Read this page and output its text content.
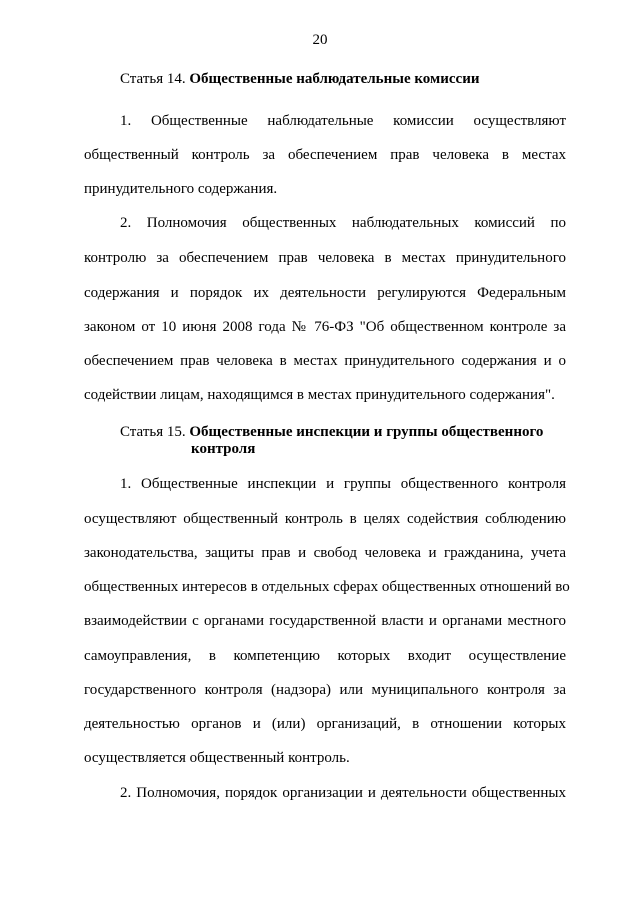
20
Статья 14. Общественные наблюдательные комиссии
1. Общественные наблюдательные комиссии осуществляют
общественный контроль за обеспечением прав человека в местах
принудительного содержания.
2. Полномочия общественных наблюдательных комиссий по
контролю за обеспечением прав человека в местах принудительного
содержания и порядок их деятельности регулируются Федеральным
законом от 10 июня 2008 года № 76-ФЗ "Об общественном контроле за
обеспечением прав человека в местах принудительного содержания и о
содействии лицам, находящимся в местах принудительного содержания".
Статья 15. Общественные инспекции и группы общественного
контроля
1. Общественные инспекции и группы общественного контроля
осуществляют общественный контроль в целях содействия соблюдению
законодательства, защиты прав и свобод человека и гражданина, учета
общественных интересов в отдельных сферах общественных отношений во
взаимодействии с органами государственной власти и органами местного
самоуправления, в компетенцию которых входит осуществление
государственного контроля (надзора) или муниципального контроля за
деятельностью органов и (или) организаций, в отношении которых
осуществляется общественный контроль.
2. Полномочия, порядок организации и деятельности общественных
